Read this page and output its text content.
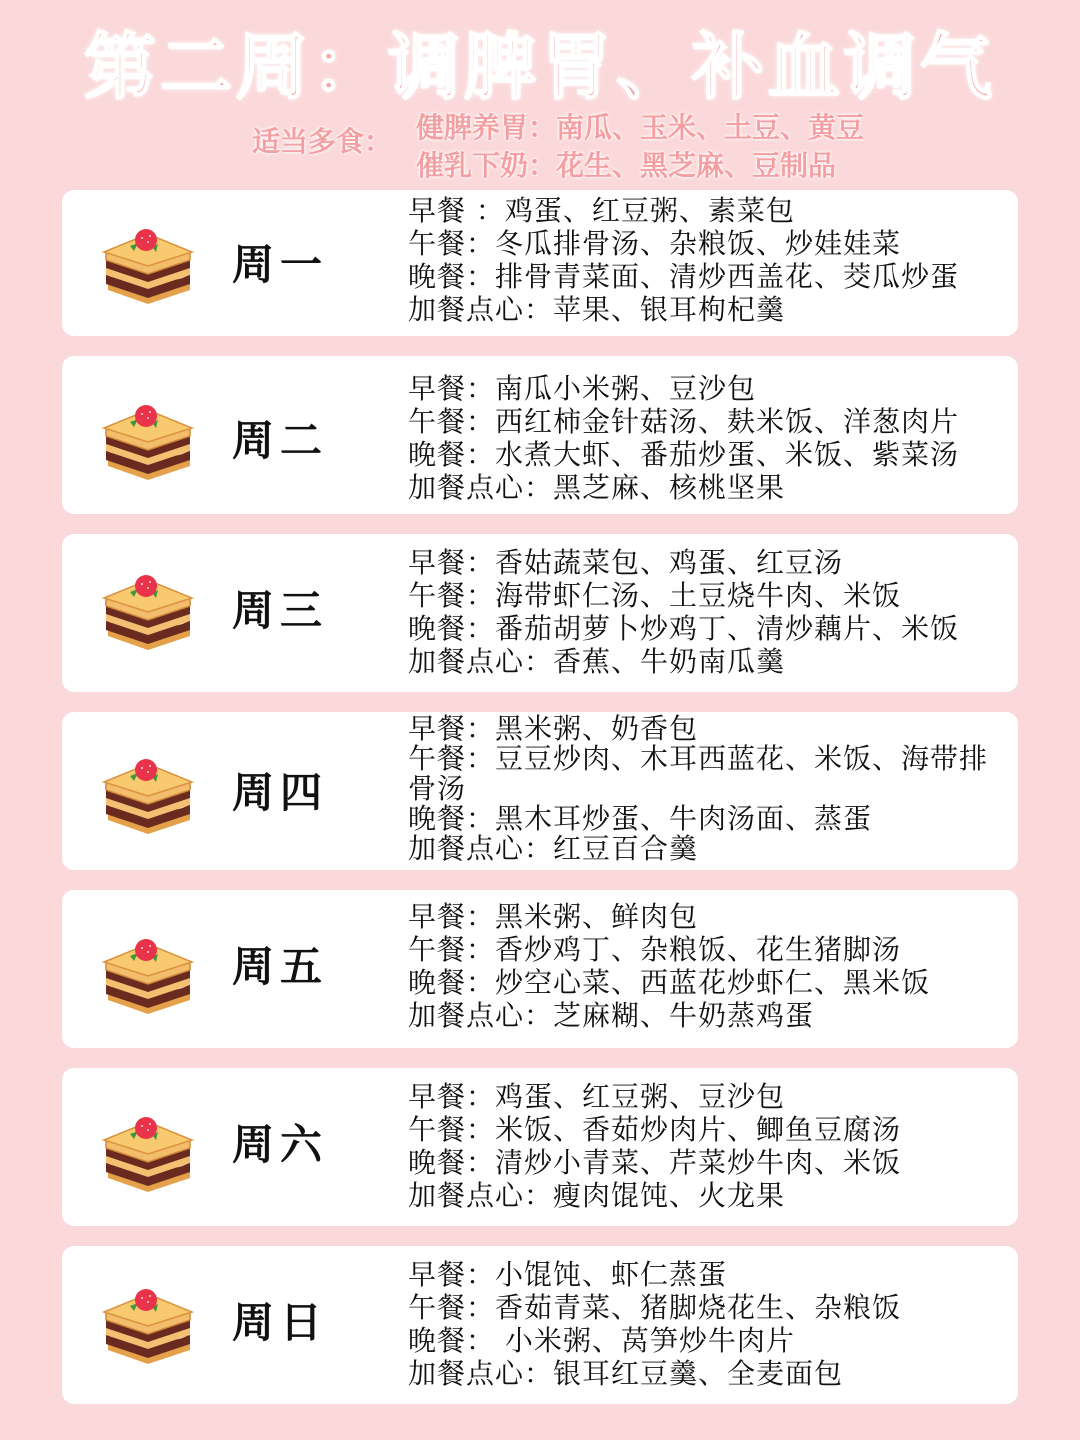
第二周：调脾胃、补血调气
适当多食： 健脾养胃：南瓜、玉米、土豆、黄豆
催乳下奶：花生、黑芝麻、豆制品
周一
早餐 ：鸡蛋、红豆粥、素菜包
午餐：冬瓜排骨汤、杂粮饭、炒娃娃菜
晚餐：排骨青菜面、清炒西盖花、茭瓜炒蛋
加餐点心：苹果、银耳枸杞羹
周二
早餐：南瓜小米粥、豆沙包
午餐：西红柿金针菇汤、麸米饭、洋葱肉片
晚餐：水煮大虾、番茄炒蛋、米饭、紫菜汤
加餐点心：黑芝麻、核桃坚果
周三
早餐：香姑蔬菜包、鸡蛋、红豆汤
午餐：海带虾仁汤、土豆烧牛肉、米饭
晚餐：番茄胡萝卜炒鸡丁、清炒藕片、米饭
加餐点心：香蕉、牛奶南瓜羹
周四
早餐：黑米粥、奶香包
午餐：豆豆炒肉、木耳西蓝花、米饭、海带排骨汤
晚餐：黑木耳炒蛋、牛肉汤面、蒸蛋
加餐点心：红豆百合羹
周五
早餐：黑米粥、鲜肉包
午餐：香炒鸡丁、杂粮饭、花生猪脚汤
晚餐：炒空心菜、西蓝花炒虾仁、黑米饭
加餐点心：芝麻糊、牛奶蒸鸡蛋
周六
早餐：鸡蛋、红豆粥、豆沙包
午餐：米饭、香茹炒肉片、鲫鱼豆腐汤
晚餐：清炒小青菜、芹菜炒牛肉、米饭
加餐点心：瘦肉馄饨、火龙果
周日
早餐：小馄饨、虾仁蒸蛋
午餐：香茹青菜、猪脚烧花生、杂粮饭
晚餐： 小米粥、莴笋炒牛肉片
加餐点心：银耳红豆羹、全麦面包
